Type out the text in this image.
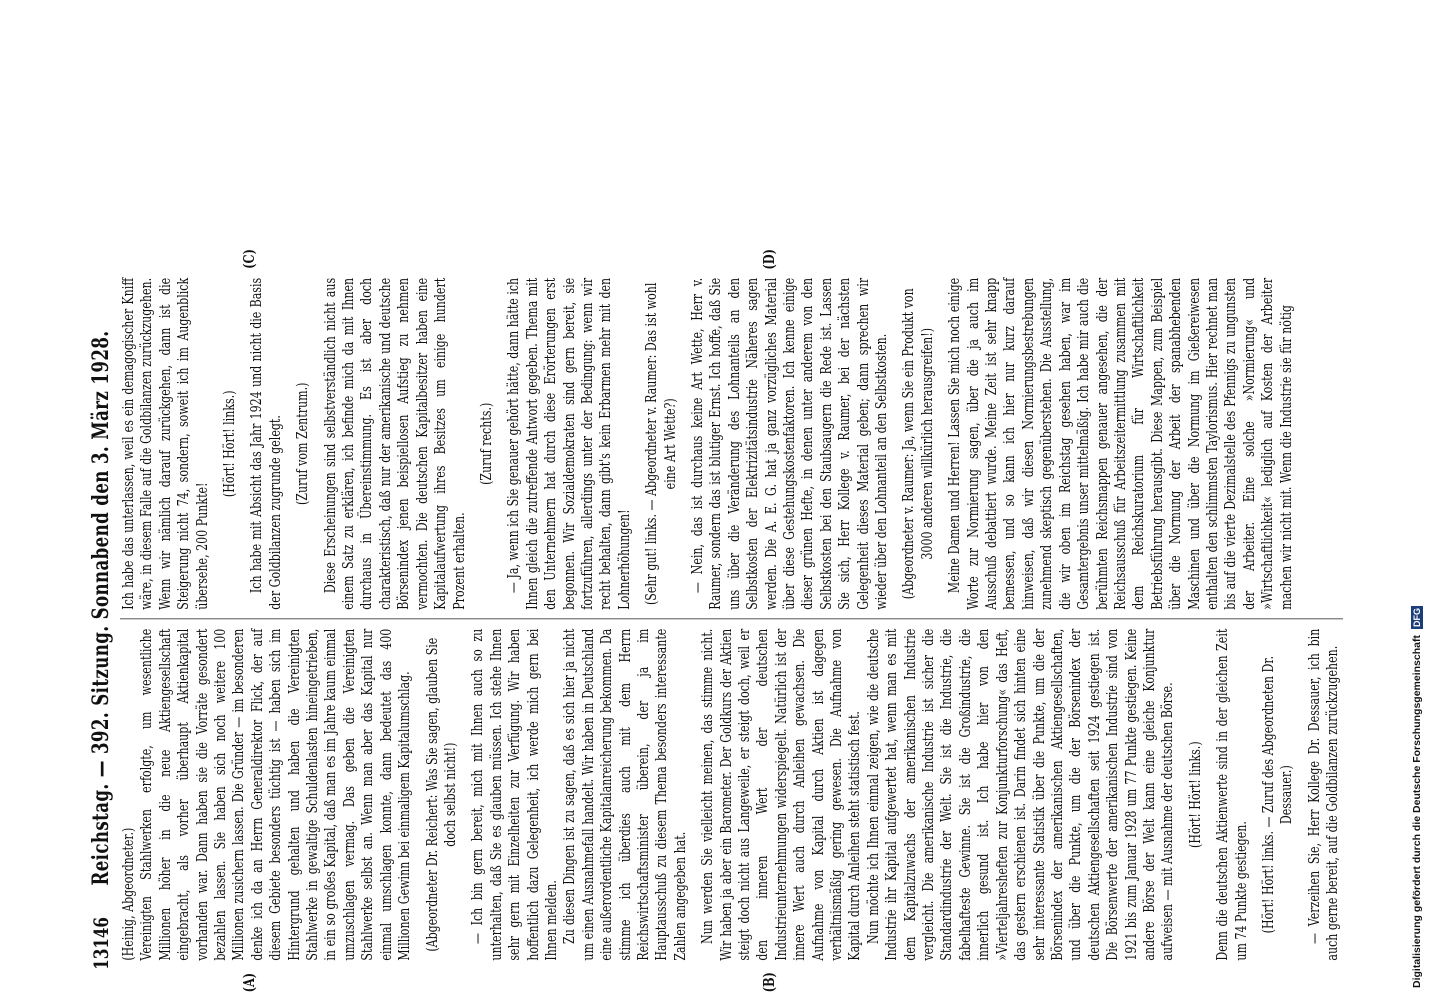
13146
Reichstag. — 392. Sitzung. Sonnabend den 3. März 1928.
(A)	(B)
(C)	(D)

(Heinig, Abgeordneter.) Vereinigten Stahlwerken erfolgte, um wesentliche Millionen höher in die neue Aktiengesellschaft eingebracht, als vorher überhaupt Aktienkapital vorhanden war. Dann haben sie die Vorräte gesondert bezahlen lassen. Sie haben sich noch weitere 100 Millionen zusichern lassen. Die Gründer — im besonderen denke ich da an Herrn Generaldirektor Flick, der auf diesem Gebiete besonders tüchtig ist — haben sich im Hintergrund gehalten und haben die Vereinigten Stahlwerke in gewaltige Schuldenlasten hineingetrieben, in ein so großes Kapital, daß man es im Jahre kaum einmal umzuschlagen vermag. Das geben die Vereinigten Stahlwerke selbst an. Wenn man aber das Kapital nur einmal umschlagen konnte, dann bedeutet das 400 Millionen Gewinn bei einmaligem Kapitalumschlag. (Abgeordneter Dr. Reichert: Was Sie sagen, glauben Sie doch selbst nicht!) — Ich bin gern bereit, mich mit Ihnen auch so zu unterhalten, daß Sie es glauben müssen. Ich stehe Ihnen sehr gern mit Einzelheiten zur Verfügung. Wir haben hoffentlich dazu Gelegenheit, ich werde mich gern bei Ihnen melden. Zu diesen Dingen ist zu sagen, daß es sich hier ja nicht um einen Ausnahmefall handelt. Wir haben in Deutschland eine außerordentliche Kapitalanreicherung bekommen. Da stimme ich überdies auch mit dem Herrn Reichswirtschaftsminister überein, der ja im Hauptausschuß zu diesem Thema besonders interessante Zahlen angegeben hat. Nun werden Sie vielleicht meinen, das stimme nicht. Wir haben ja aber ein Barometer. Der Goldkurs der Aktien steigt doch nicht aus Langeweile, er steigt doch, weil er den inneren Wert der deutschen Industrieunternehmungen widerspiegelt. Natürlich ist der innere Wert auch durch Anleihen gewachsen. Die Aufnahme von Kapital durch Aktien ist dagegen verhältnismäßig gering gewesen. Die Aufnahme von Kapital durch Anleihen steht statistisch fest. Nun möchte ich Ihnen einmal zeigen, wie die deutsche Industrie ihr Kapital aufgewertet hat, wenn man es mit dem Kapitalzuwachs der amerikanischen Industrie vergleicht. Die amerikanische Industrie ist sicher die Standardindustrie der Welt. Sie ist die Industrie, die fabelhafteste Gewinne. Sie ist die Großindustrie, die innerlich gesund ist. Ich habe hier von den »Vierteljahresheften zur Konjunkturforschung« das Heft, das gestern erschienen ist. Darin findet sich hinten eine sehr interessante Statistik über die Punkte, um die der Börsenindex der amerikanischen Aktiengesellschaften, und über die Punkte, um die der Börsenindex der deutschen Aktiengesellschaften seit 1924 gestiegen ist. Die Börsenwerte der amerikanischen Industrie sind von 1921 bis zum Januar 1928 um 77 Punkte gestiegen. Keine andere Börse der Welt kann eine gleiche Konjunktur aufweisen — mit Ausnahme der deutschen Börse. (Hört! Hört! links.) Denn die deutschen Aktienwerte sind in der gleichen Zeit um 74 Punkte gestiegen. (Hört! Hört! links. — Zuruf des Abgeordneten Dr. Dessauer.) — Verzeihen Sie, Herr Kollege Dr. Dessauer, ich bin auch gerne bereit, auf die Goldbilanzen zurückzugehen.

Ich habe das unterlassen, weil es ein demagogischer Kniff wäre, in diesem Falle auf die Goldbilanzen zurückzugehen. Wenn wir nämlich darauf zurückgehen, dann ist die Steigerung nicht 74, sondern, soweit ich im Augenblick übersehe, 200 Punkte!

(Hört! Hört! links.) Ich habe mit Absicht das Jahr 1924 und nicht die Basis der Goldbilanzen zugrunde gelegt. (Zuruf vom Zentrum.) Diese Erscheinungen sind selbstverständlich nicht aus einem Satz zu erklären, ich befinde mich da mit Ihnen durchaus in Übereinstimmung. Es ist aber doch charakteristisch, daß nur der amerikanische und deutsche Börsenindex jenen beispiellosen Aufstieg zu nehmen vermochten. Die deutschen Kapitalbesitzer haben eine Kapitalaufwertung ihres Besitzes um einige hundert Prozent erhalten.

(Zuruf rechts.) — Ja, wenn ich Sie genauer gehört hätte, dann hätte ich Ihnen gleich die zutreffende Antwort gegeben. Thema mit den Unternehmern hat durch diese Erörterungen erst begonnen. Wir Sozialdemokraten sind gern bereit, sie fortzuführen, allerdings unter der Bedingung: wenn wir recht behalten, dann gibt's kein Erbarmen mehr mit den Lohnerhöhungen! (Sehr gut! links. — Abgeordneter v. Raumer: Das ist wohl eine Art Wette?) — Nein, das ist durchaus keine Art Wette, Herr v. Raumer, sondern das ist blutiger Ernst. Ich hoffe, daß Sie uns über die Veränderung des Lohnanteils an den Selbstkosten der Elektrizitätsindustrie Näheres sagen werden. Die A. E. G. hat ja ganz vorzügliches Material über diese Gestehungskostenfaktoren. Ich kenne einige dieser grünen Hefte, in denen unter anderem von den Selbstkosten bei den Staubsaugern die Rede ist. Lassen Sie sich, Herr Kollege v. Raumer, bei der nächsten Gelegenheit dieses Material geben; dann sprechen wir wieder über den Lohnanteil an den Selbstkosten. (Abgeordneter v. Raumer: Ja, wenn Sie ein Produkt von 3000 anderen willkürlich herausgreifen!) Meine Damen und Herren! Lassen Sie mich noch einige Worte zur Normierung sagen, über die ja auch im Ausschuß debattiert wurde. Meine Zeit ist sehr knapp bemessen, und so kann ich hier nur kurz darauf hinweisen, daß wir diesen Normierungsbestrebungen zunehmend skeptisch gegenüberstehen. Die Ausstellung, die wir oben im Reichstag gesehen haben, war im Gesamtergebnis unser mittelmäßig. Ich habe mir auch die berühmten Reichsmappen genauer angesehen, die der Reichsausschuß für Arbeitszeitermittlung zusammen mit dem Reichskuratorium für Wirtschaftlichkeit Betriebsführung herausgibt. Diese Mappen, zum Beispiel über die Normung der Arbeit der spanabhebenden Maschinen und über die Normung im Gießereiwesen enthalten den schlimmsten Taylorismus. Hier rechnet man bis auf die vierte Dezimalstelle des Pfennigs zu ungunsten der Arbeiter. Eine solche »Normierung« und »Wirtschaftlichkeit« lediglich auf Kosten der Arbeiter machen wir nicht mit. Wenn die Industrie sie für nötig

Digitalisierung gefördert durch die Deutsche Forschungsgemeinschaft
DFG
